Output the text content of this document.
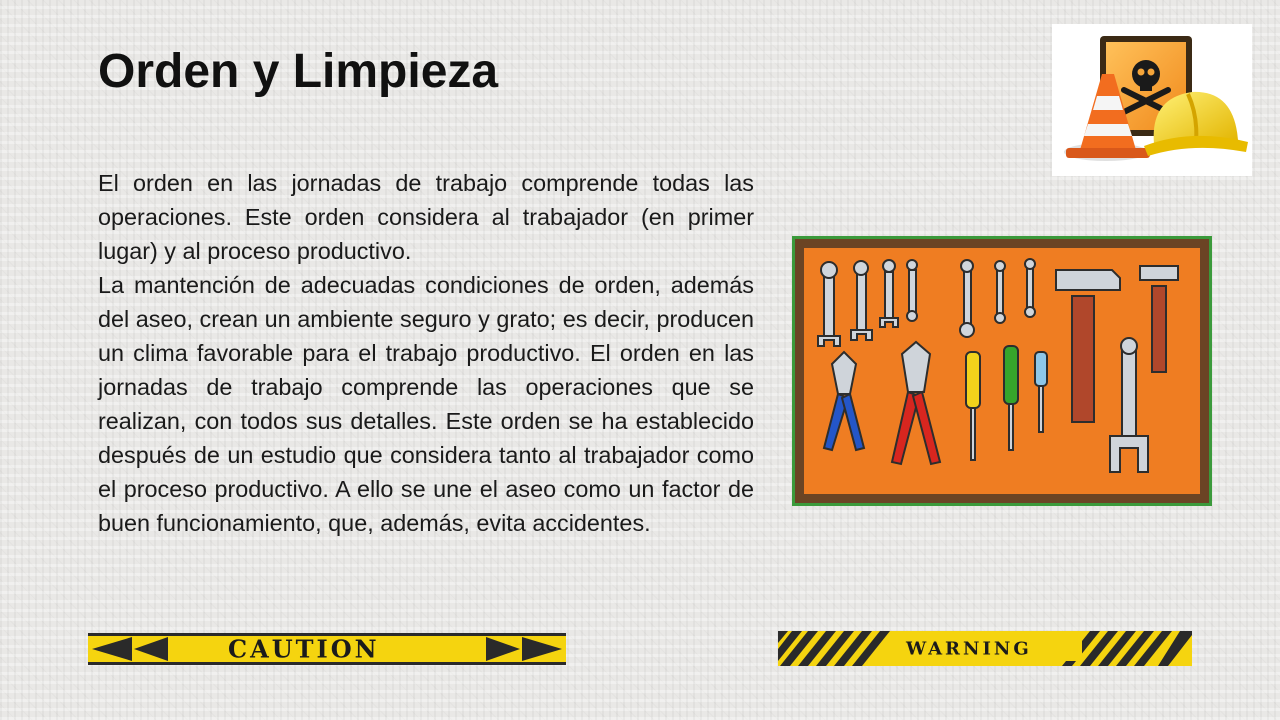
Orden y Limpieza

El orden en las jornadas de trabajo comprende todas las operaciones. Este orden considera al trabajador (en primer lugar) y al proceso productivo.

La mantención de adecuadas condiciones de orden, además del aseo, crean un ambiente seguro y grato; es decir, producen un clima favorable para el trabajo productivo. El orden en las jornadas de trabajo comprende las operaciones que se realizan, con todos sus detalles. Este orden se ha establecido después de un estudio que considera tanto al trabajador como el proceso productivo. A ello se une el aseo como un factor de buen funcionamiento, que, además, evita accidentes.

CAUTION	WARNING
